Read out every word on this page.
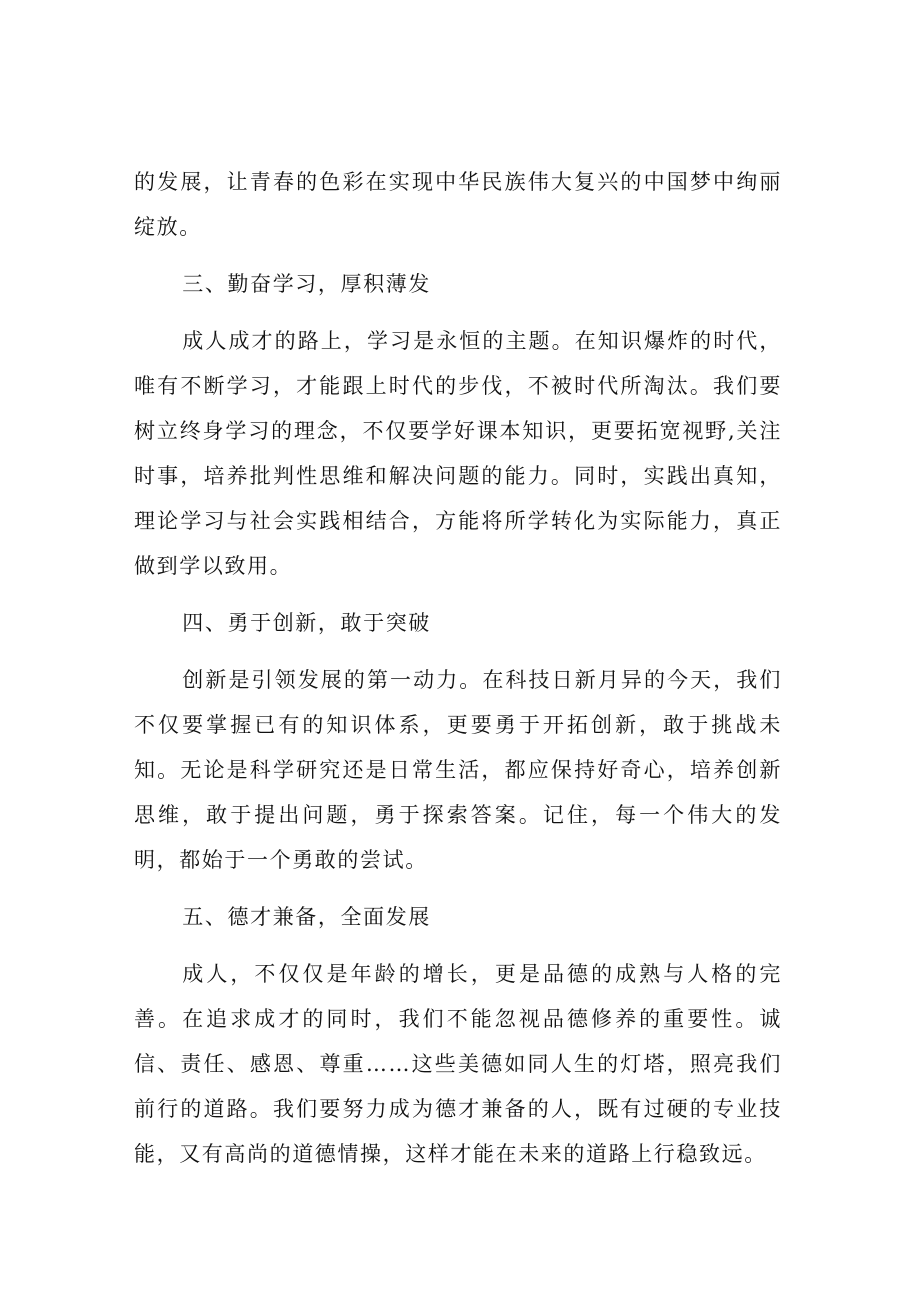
的发展，让青春的色彩在实现中华民族伟大复兴的中国梦中绚丽绽放。

三、勤奋学习，厚积薄发

成人成才的路上，学习是永恒的主题。在知识爆炸的时代，唯有不断学习，才能跟上时代的步伐，不被时代所淘汰。我们要树立终身学习的理念，不仅要学好课本知识，更要拓宽视野,关注时事，培养批判性思维和解决问题的能力。同时，实践出真知，理论学习与社会实践相结合，方能将所学转化为实际能力，真正做到学以致用。

四、勇于创新，敢于突破

创新是引领发展的第一动力。在科技日新月异的今天，我们不仅要掌握已有的知识体系，更要勇于开拓创新，敢于挑战未知。无论是科学研究还是日常生活，都应保持好奇心，培养创新思维，敢于提出问题，勇于探索答案。记住，每一个伟大的发明，都始于一个勇敢的尝试。

五、德才兼备，全面发展

成人，不仅仅是年龄的增长，更是品德的成熟与人格的完善。在追求成才的同时，我们不能忽视品德修养的重要性。诚信、责任、感恩、尊重……这些美德如同人生的灯塔，照亮我们前行的道路。我们要努力成为德才兼备的人，既有过硬的专业技能，又有高尚的道德情操，这样才能在未来的道路上行稳致远。
